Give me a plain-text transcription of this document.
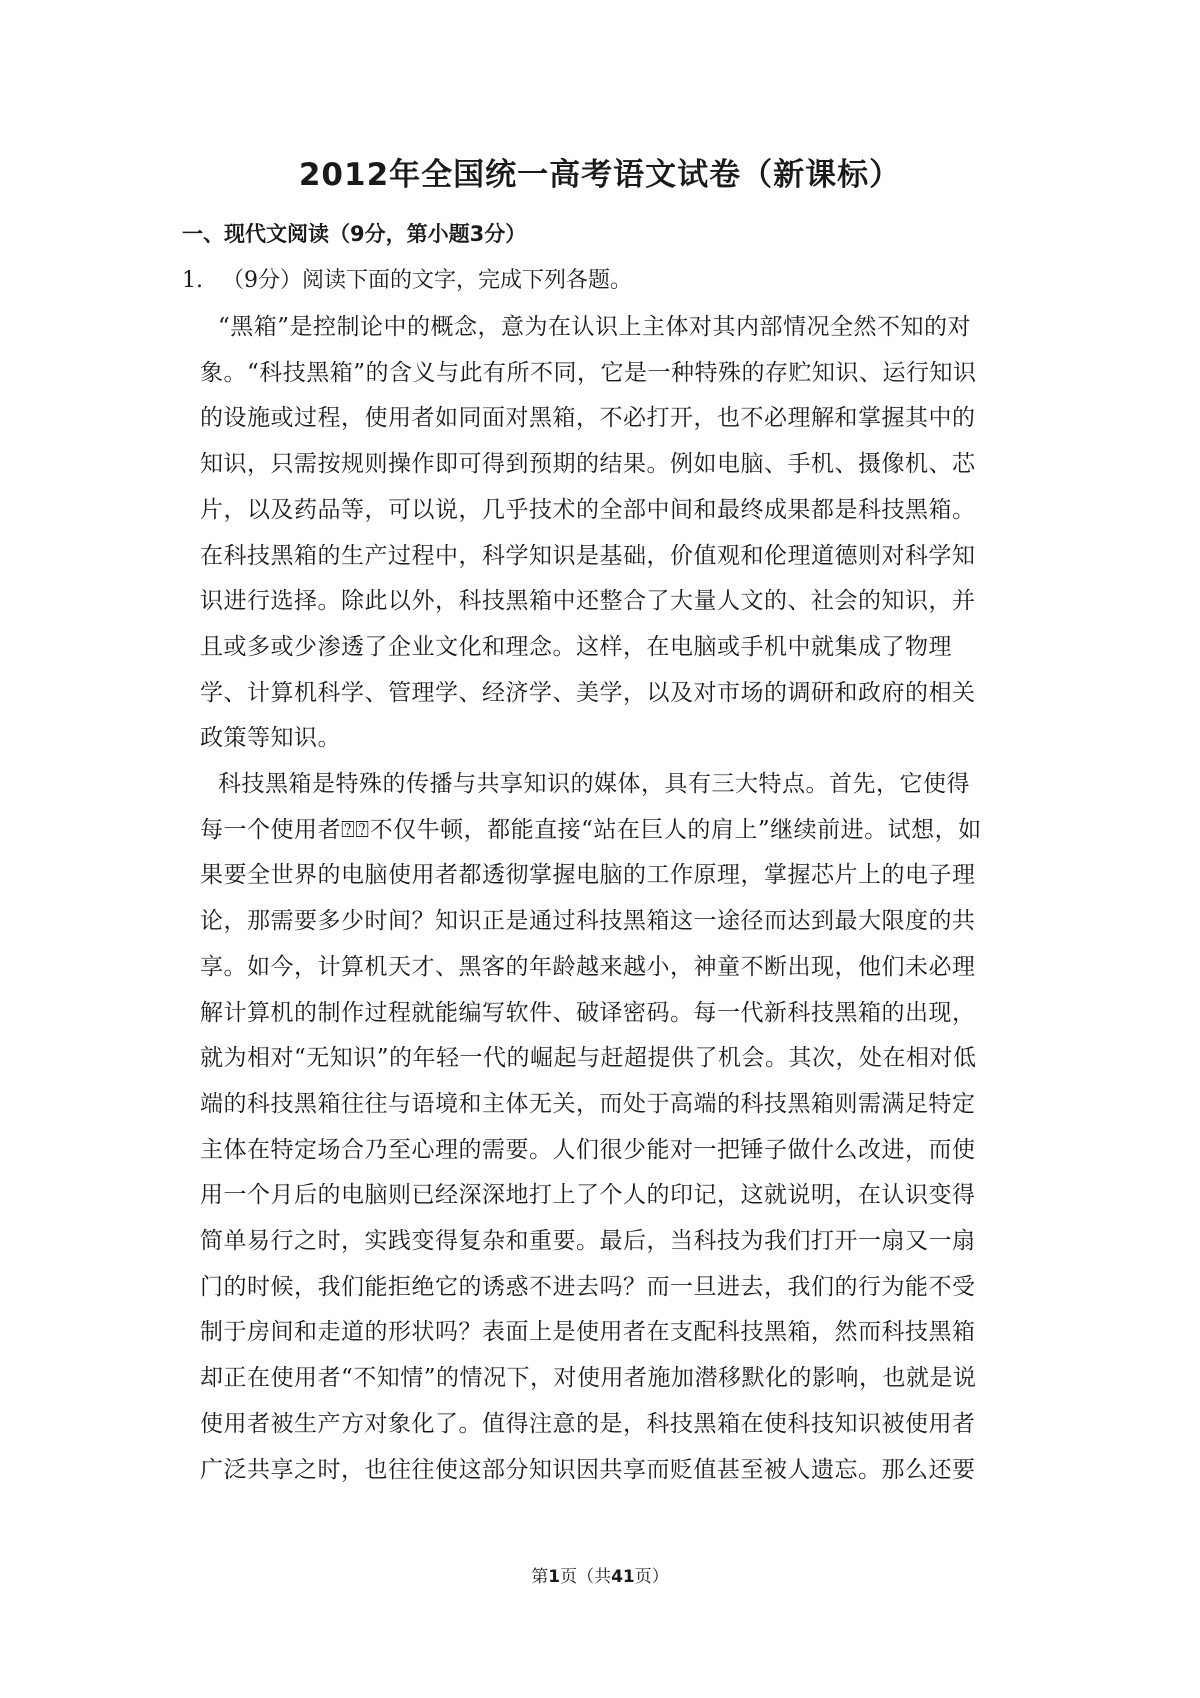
2012年全国统一高考语文试卷（新课标）
一、现代文阅读（9分，第小题3分）
1. （9分）阅读下面的文字，完成下列各题。
“黑箱”是控制论中的概念，意为在认识上主体对其内部情况全然不知的对
象。“科技黑箱”的含义与此有所不同，它是一种特殊的存贮知识、运行知识
的设施或过程，使用者如同面对黑箱，不必打开，也不必理解和掌握其中的
知识，只需按规则操作即可得到预期的结果。例如电脑、手机、摄像机、芯
片，以及药品等，可以说，几乎技术的全部中间和最终成果都是科技黑箱。
在科技黑箱的生产过程中，科学知识是基础，价值观和伦理道德则对科学知
识进行选择。除此以外，科技黑箱中还整合了大量人文的、社会的知识，并
且或多或少渗透了企业文化和理念。这样，在电脑或手机中就集成了物理
学、计算机科学、管理学、经济学、美学，以及对市场的调研和政府的相关
政策等知识。
科技黑箱是特殊的传播与共享知识的媒体，具有三大特点。首先，它使得
每一个使用者⍰⍰不仅牛顿，都能直接“站在巨人的肩上”继续前进。试想，如
果要全世界的电脑使用者都透彻掌握电脑的工作原理，掌握芯片上的电子理
论，那需要多少时间？知识正是通过科技黑箱这一途径而达到最大限度的共
享。如今，计算机天才、黑客的年龄越来越小，神童不断出现，他们未必理
解计算机的制作过程就能编写软件、破译密码。每一代新科技黑箱的出现，
就为相对“无知识”的年轻一代的崛起与赶超提供了机会。其次，处在相对低
端的科技黑箱往往与语境和主体无关，而处于高端的科技黑箱则需满足特定
主体在特定场合乃至心理的需要。人们很少能对一把锤子做什么改进，而使
用一个月后的电脑则已经深深地打上了个人的印记，这就说明，在认识变得
简单易行之时，实践变得复杂和重要。最后，当科技为我们打开一扇又一扇
门的时候，我们能拒绝它的诱惑不进去吗？而一旦进去，我们的行为能不受
制于房间和走道的形状吗？表面上是使用者在支配科技黑箱，然而科技黑箱
却正在使用者“不知情”的情况下，对使用者施加潜移默化的影响，也就是说
使用者被生产方对象化了。值得注意的是，科技黑箱在使科技知识被使用者
广泛共享之时，也往往使这部分知识因共享而贬值甚至被人遗忘。那么还要
第1页（共41页）
